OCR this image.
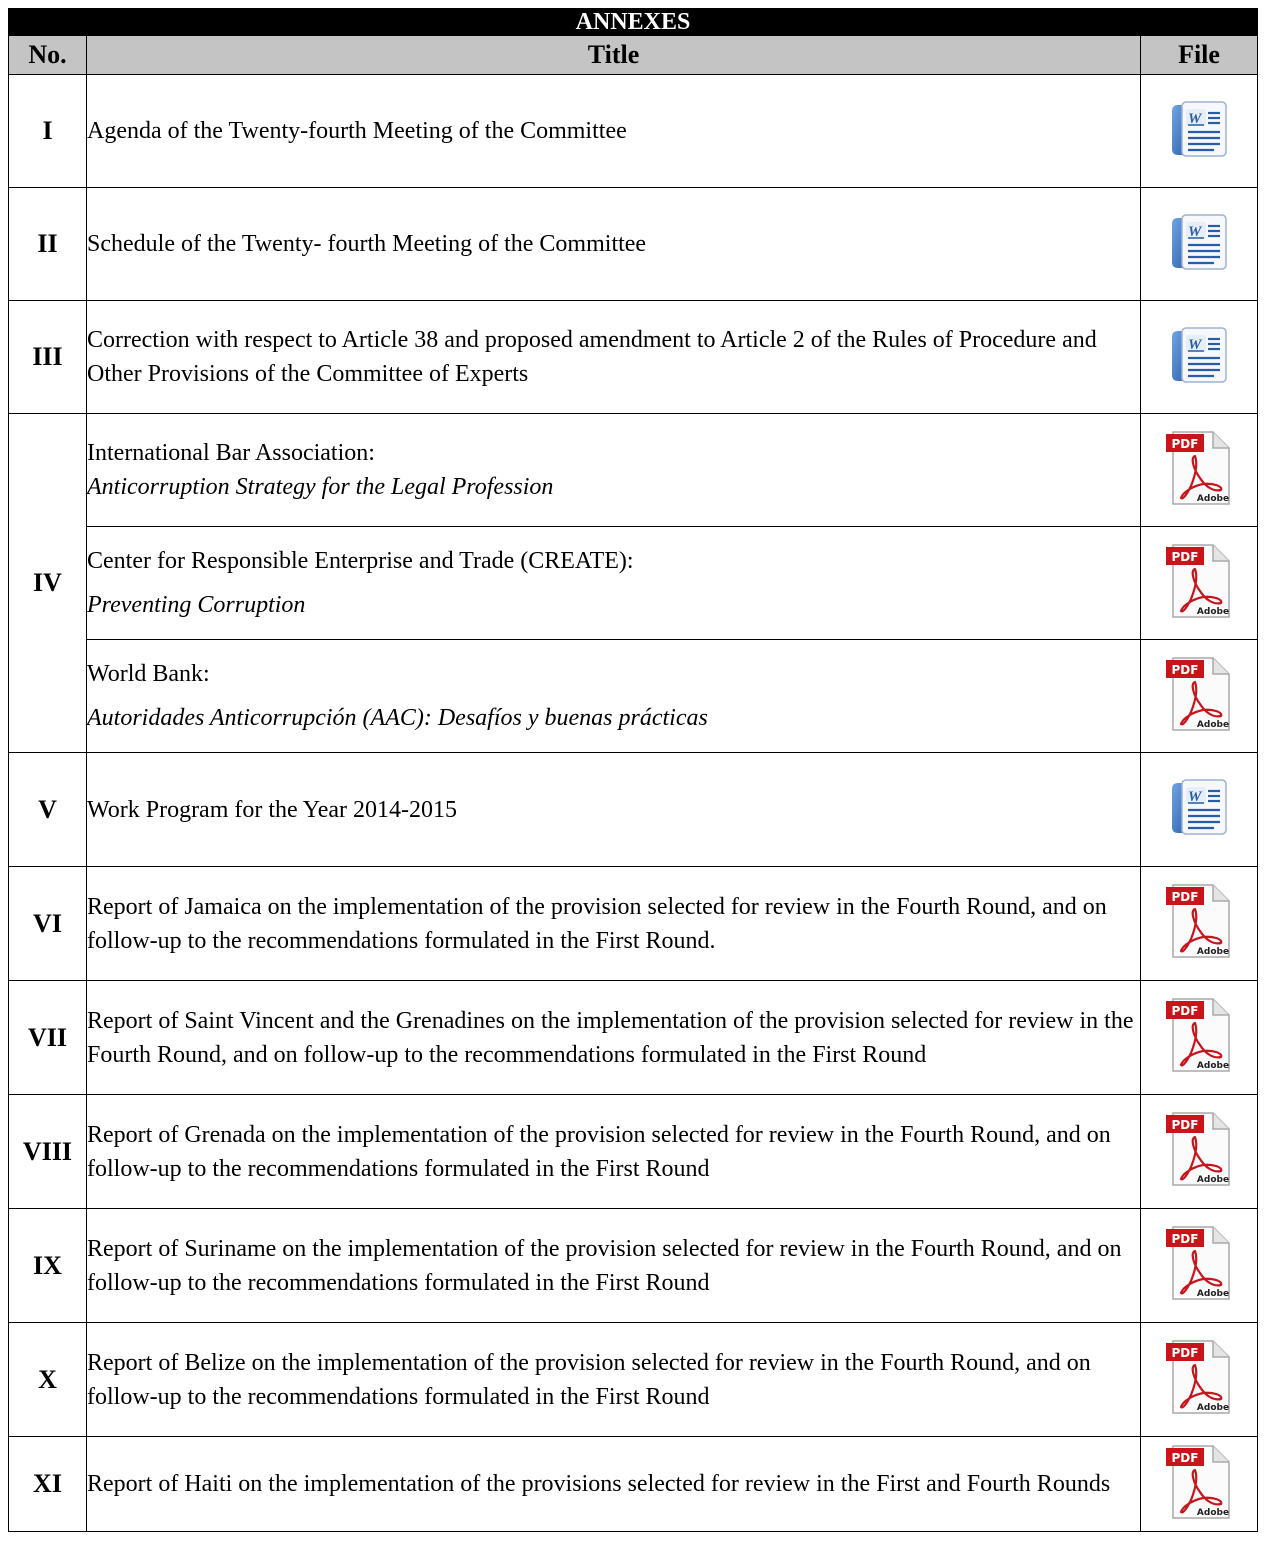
ANNEXES		
No.	Title	File
I	Agenda of the Twenty-fourth Meeting of the Committee	W

II	Schedule of the Twenty- fourth Meeting of the Committee	W

III	Correction with respect to Article 38 and proposed amendment to Article 2 of the Rules of Procedure and Other Provisions of the Committee of Experts	W

IV	International Bar Association:
Anticorruption Strategy for the Legal Profession	PDF
Adobe

	Center for Responsible Enterprise and Trade (CREATE):
Preventing Corruption	PDF
Adobe

	World Bank:
Autoridades Anticorrupción (AAC): Desafíos y buenas prácticas	PDF
Adobe

V	Work Program for the Year 2014-2015	W

VI	Report of Jamaica on the implementation of the provision selected for review in the Fourth Round, and on follow-up to the recommendations formulated in the First Round.	PDF
Adobe

VII	Report of Saint Vincent and the Grenadines on the implementation of the provision selected for review in the Fourth Round, and on follow-up to the recommendations formulated in the First Round	PDF
Adobe

VIII	Report of Grenada on the implementation of the provision selected for review in the Fourth Round, and on follow-up to the recommendations formulated in the First Round	PDF
Adobe

IX	Report of Suriname on the implementation of the provision selected for review in the Fourth Round, and on follow-up to the recommendations formulated in the First Round	PDF
Adobe

X	Report of Belize on the implementation of the provision selected for review in the Fourth Round, and on follow-up to the recommendations formulated in the First Round	PDF
Adobe

XI	Report of Haiti on the implementation of the provisions selected for review in the First and Fourth Rounds	PDF
Adobe
